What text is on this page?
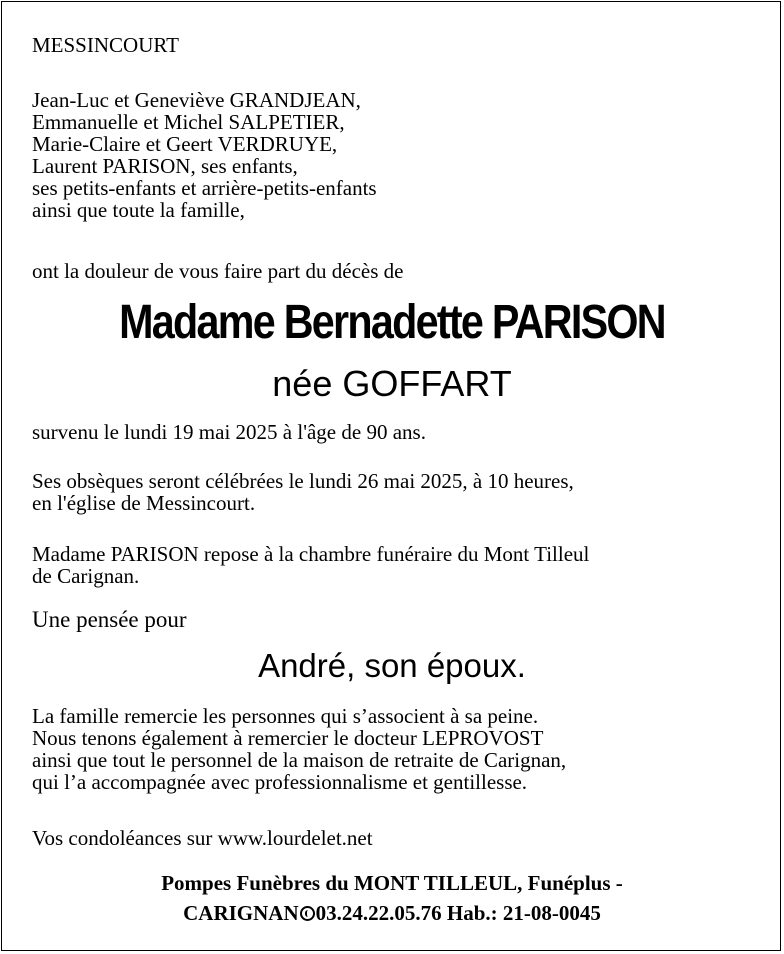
MESSINCOURT
Jean-Luc et Geneviève GRANDJEAN,
Emmanuelle et Michel SALPETIER,
Marie-Claire et Geert VERDRUYE,
Laurent PARISON, ses enfants,
ses petits-enfants et arrière-petits-enfants
ainsi que toute la famille,
ont la douleur de vous faire part du décès de
Madame Bernadette PARISON
née GOFFART
survenu le lundi 19 mai 2025 à l'âge de 90 ans.
Ses obsèques seront célébrées le lundi 26 mai 2025, à 10 heures,
en l'église de Messincourt.
Madame PARISON repose à la chambre funéraire du Mont Tilleul
de Carignan.
Une pensée pour
André, son époux.
La famille remercie les personnes qui s’associent à sa peine.
Nous tenons également à remercier le docteur LEPROVOST
ainsi que tout le personnel de la maison de retraite de Carignan,
qui l’a accompagnée avec professionnalisme et gentillesse.
Vos condoléances sur www.lourdelet.net
Pompes Funèbres du MONT TILLEUL, Funéplus -
CARIGNAN 03.24.22.05.76 Hab.: 21-08-0045
